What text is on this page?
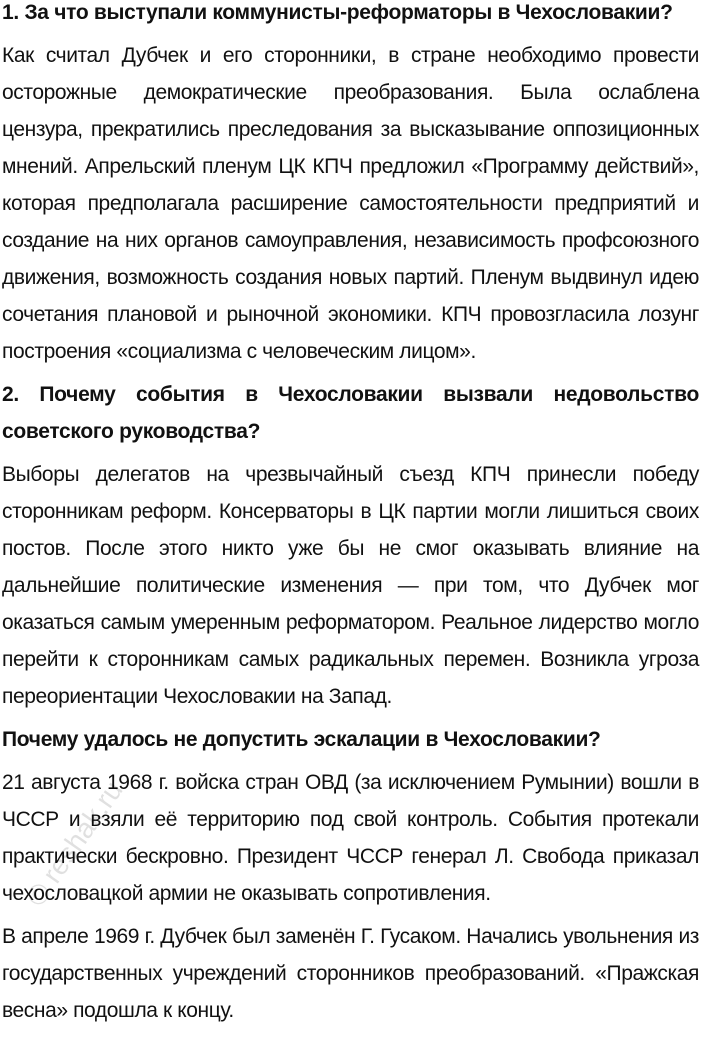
1. За что выступали коммунисты-реформаторы в Чехословакии?

Как считал Дубчек и его сторонники, в стране необходимо провести осторожные демократические преобразования. Была ослаблена цензура, прекратились преследования за высказывание оппозиционных мнений. Апрельский пленум ЦК КПЧ предложил «Программу действий», которая предполагала расширение самостоятельности предприятий и создание на них органов самоуправления, независимость профсоюзного движения, возможность создания новых партий. Пленум выдвинул идею сочетания плановой и рыночной экономики. КПЧ провозгласила лозунг построения «социализма с человеческим лицом».

2. Почему события в Чехословакии вызвали недовольство советского руководства?

Выборы делегатов на чрезвычайный съезд КПЧ принесли победу сторонникам реформ. Консерваторы в ЦК партии могли лишиться своих постов. После этого никто уже бы не смог оказывать влияние на дальнейшие политические изменения — при том, что Дубчек мог оказаться самым умеренным реформатором. Реальное лидерство могло перейти к сторонникам самых радикальных перемен. Возникла угроза переориентации Чехословакии на Запад.

Почему удалось не допустить эскалации в Чехословакии?

21 августа 1968 г. войска стран ОВД (за исключением Румынии) вошли в ЧССР и взяли её территорию под свой контроль. События протекали практически бескровно. Президент ЧССР генерал Л. Свобода приказал чехословацкой армии не оказывать сопротивления.

В апреле 1969 г. Дубчек был заменён Г. Гусаком. Начались увольнения из государственных учреждений сторонников преобразований. «Пражская весна» подошла к концу.

© reshak.ru
